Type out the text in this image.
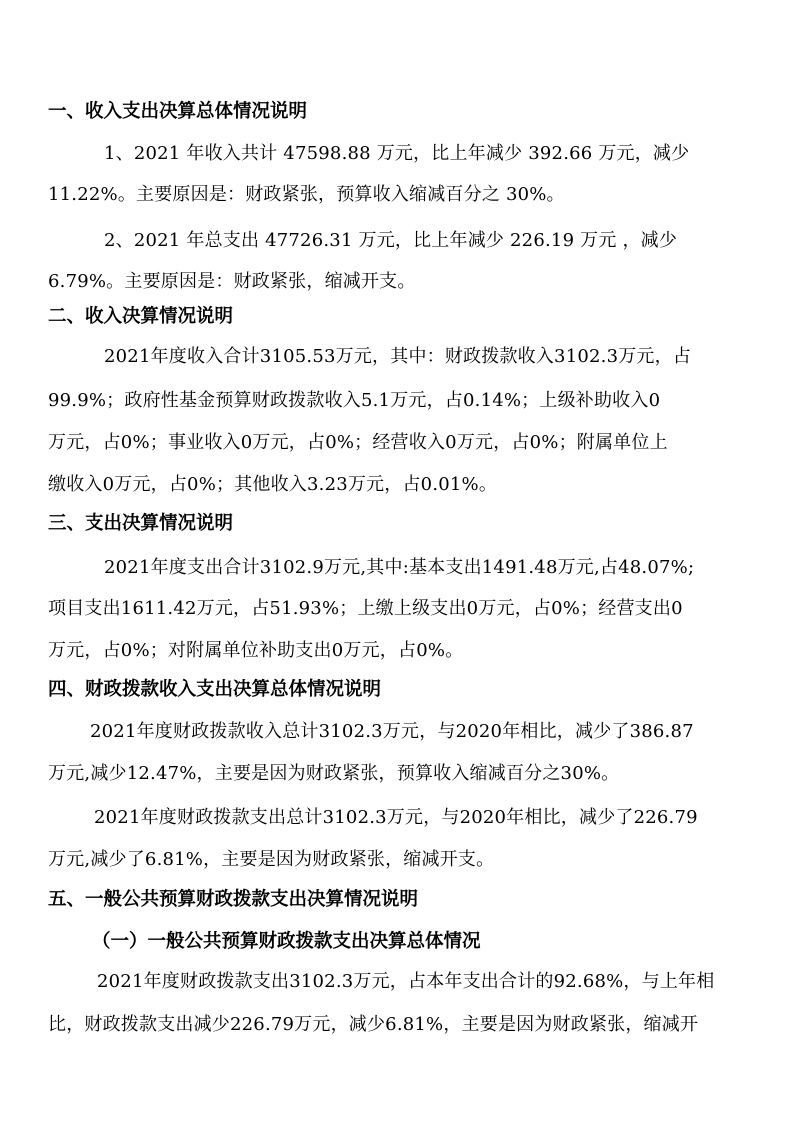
一、收入支出决算总体情况说明

1、2021 年收入共计 47598.88 万元，比上年减少 392.66 万元，减少

11.22%。主要原因是：财政紧张，预算收入缩减百分之 30%。

2、2021 年总支出 47726.31 万元，比上年减少 226.19 万元 ，减少

6.79%。主要原因是：财政紧张，缩减开支。

二、收入决算情况说明

2021年度收入合计3105.53万元，其中：财政拨款收入3102.3万元，占

99.9%；政府性基金预算财政拨款收入5.1万元，占0.14%；上级补助收入0

万元，占0%；事业收入0万元，占0%；经营收入0万元，占0%；附属单位上

缴收入0万元，占0%；其他收入3.23万元，占0.01%。

三、支出决算情况说明

2021年度支出合计3102.9万元,其中:基本支出1491.48万元,占48.07%;

项目支出1611.42万元，占51.93%；上缴上级支出0万元，占0%；经营支出0

万元，占0%；对附属单位补助支出0万元，占0%。

四、财政拨款收入支出决算总体情况说明

2021年度财政拨款收入总计3102.3万元，与2020年相比，减少了386.87

万元,减少12.47%，主要是因为财政紧张，预算收入缩减百分之30%。

2021年度财政拨款支出总计3102.3万元，与2020年相比，减少了226.79

万元,减少了6.81%，主要是因为财政紧张，缩减开支。

五、一般公共预算财政拨款支出决算情况说明
（一）一般公共预算财政拨款支出决算总体情况

2021年度财政拨款支出3102.3万元，占本年支出合计的92.68%，与上年相

比，财政拨款支出减少226.79万元，减少6.81%，主要是因为财政紧张，缩减开
